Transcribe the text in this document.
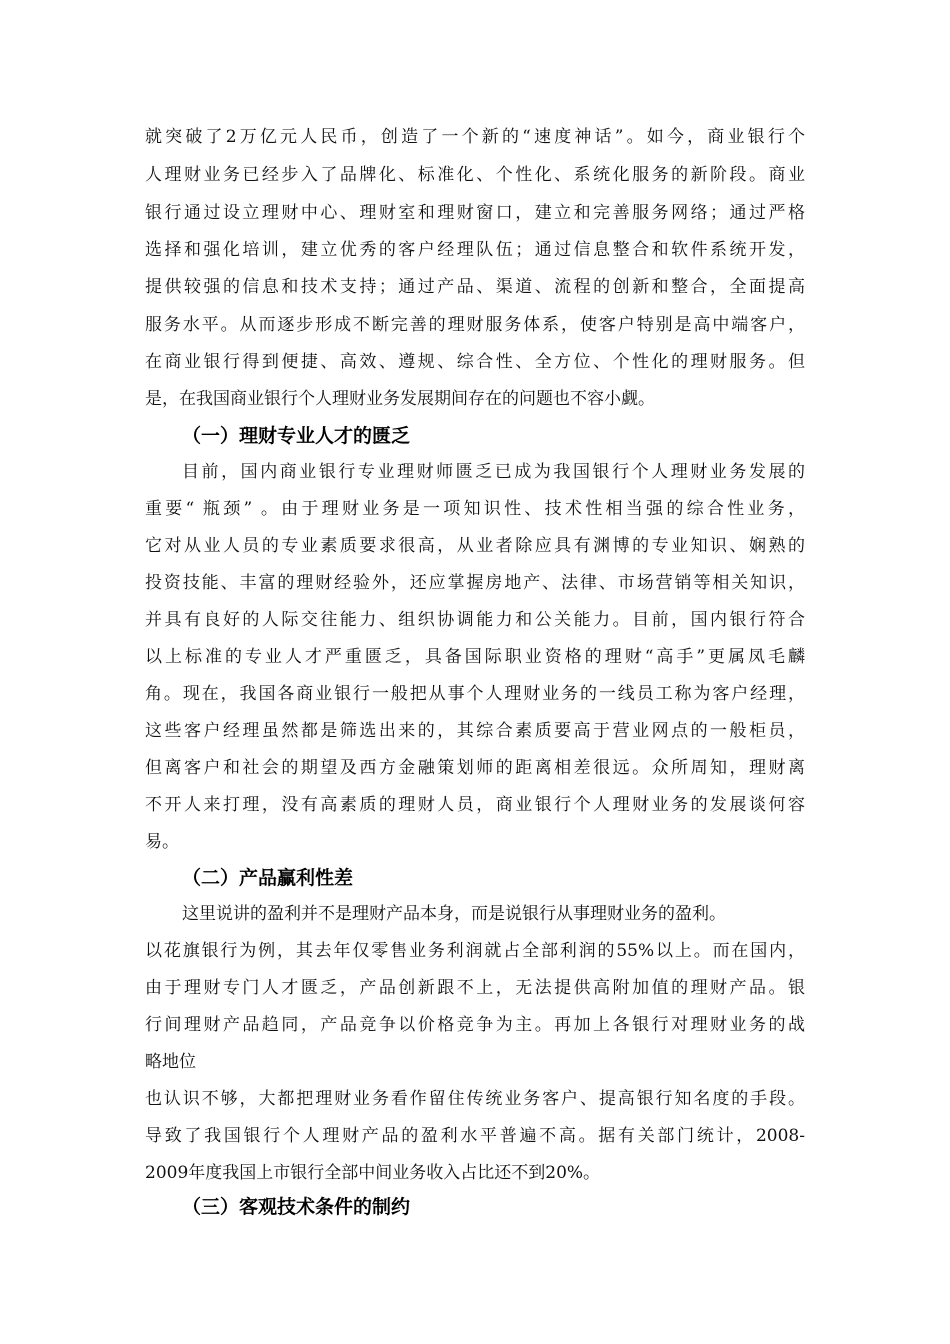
就突破了2万亿元人民币，创造了一个新的“速度神话”。如今，商业银行个
人理财业务已经步入了品牌化、标准化、个性化、系统化服务的新阶段。商业
银行通过设立理财中心、理财室和理财窗口，建立和完善服务网络；通过严格
选择和强化培训，建立优秀的客户经理队伍；通过信息整合和软件系统开发，
提供较强的信息和技术支持；通过产品、渠道、流程的创新和整合，全面提高
服务水平。从而逐步形成不断完善的理财服务体系，使客户特别是高中端客户，
在商业银行得到便捷、高效、遵规、综合性、全方位、个性化的理财服务。但
是，在我国商业银行个人理财业务发展期间存在的问题也不容小觑。
（一）理财专业人才的匮乏
目前，国内商业银行专业理财师匮乏已成为我国银行个人理财业务发展的
重要“ 瓶颈” 。由于理财业务是一项知识性、技术性相当强的综合性业务，
它对从业人员的专业素质要求很高，从业者除应具有渊博的专业知识、娴熟的
投资技能、丰富的理财经验外，还应掌握房地产、法律、市场营销等相关知识，
并具有良好的人际交往能力、组织协调能力和公关能力。目前，国内银行符合
以上标准的专业人才严重匮乏，具备国际职业资格的理财“高手”更属凤毛麟
角。现在，我国各商业银行一般把从事个人理财业务的一线员工称为客户经理，
这些客户经理虽然都是筛选出来的，其综合素质要高于营业网点的一般柜员，
但离客户和社会的期望及西方金融策划师的距离相差很远。众所周知，理财离
不开人来打理，没有高素质的理财人员，商业银行个人理财业务的发展谈何容
易。
（二）产品赢利性差
这里说讲的盈利并不是理财产品本身，而是说银行从事理财业务的盈利。
以花旗银行为例，其去年仅零售业务利润就占全部利润的55%以上。而在国内，
由于理财专门人才匮乏，产品创新跟不上，无法提供高附加值的理财产品。银
行间理财产品趋同，产品竞争以价格竞争为主。再加上各银行对理财业务的战
略地位
也认识不够，大都把理财业务看作留住传统业务客户、提高银行知名度的手段。
导致了我国银行个人理财产品的盈利水平普遍不高。据有关部门统计，2008-
2009年度我国上市银行全部中间业务收入占比还不到20%。
（三）客观技术条件的制约
